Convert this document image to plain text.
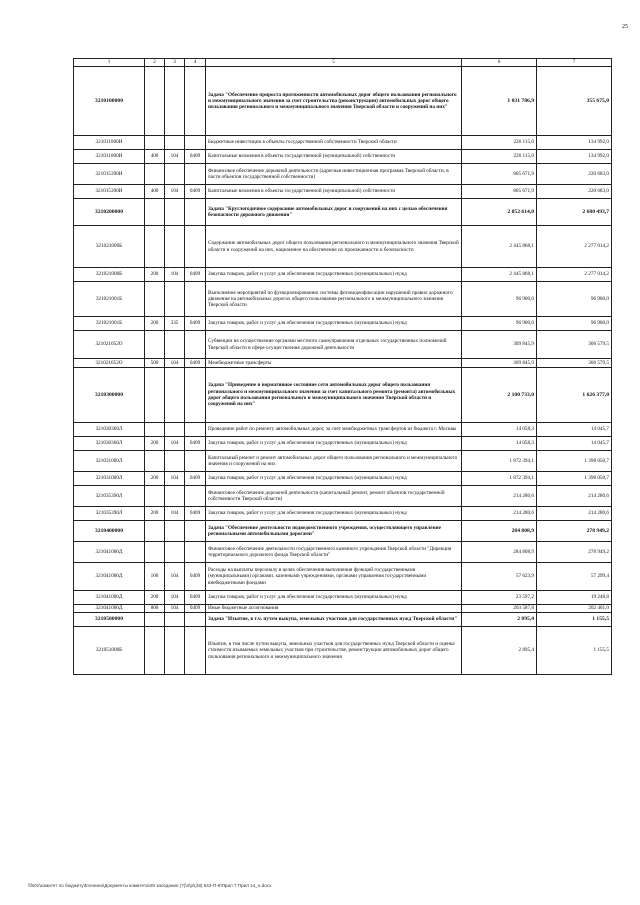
25
1	2	3	4	5	6	7
3210100000				Задача "Обеспечение прироста протяженности автомобильных дорог общего пользования регионального и межмуниципального значения за счет строительства (реконструкции) автомобильных дорог общего пользования регионального и межмуниципального значения Тверской области и сооружений на них"	1 031 786,9	355 675,0
321011000И				Бюджетные инвестиции в объекты государственной собственности Тверской области	226 115,0	134 992,0
321011000И	400	104	0409	Капитальные вложения в объекты государственной (муниципальной) собственности	226 115,0	134 992,0
321015390И				Финансовое обеспечение дорожной деятельности (адресная инвестиционная программа Тверской области, в части объектов государственной собственности)	805 671,9	220 683,0
321015390И	400	104	0409	Капитальные вложения в объекты государственной (муниципальной) собственности	805 671,9	220 683,0
3210200000				Задача "Круглогодичное содержание автомобильных дорог и сооружений на них с целью обеспечения безопасности дорожного движения"	2 852 614,0	2 680 493,7
321021000Б				Содержание автомобильных дорог общего пользования регионального и межмуниципального значения Тверской области и сооружений на них, нацеленное на обеспечение их проезжаемости и безопасности	2 445 868,1	2 277 014,2
321021000Б	200	104	0409	Закупка товаров, работ и услуг для обеспечения государственных (муниципальных) нужд	2 445 868,1	2 277 014,2
321021001Б				Выполнение мероприятий по функционированию системы фотовидеофиксации нарушений правил дорожного движения на автомобильных дорогах общего пользования регионального и межмуниципального значения Тверской области	96 900,0	96 900,0
321021001Б	200	335	0409	Закупка товаров, работ и услуг для обеспечения государственных (муниципальных) нужд	96 900,0	96 900,0
321021052О				Субвенции на осуществление органами местного самоуправления отдельных государственных полномочий Тверской области в сфере осуществления дорожной деятельности	309 845,9	306 579,5
321021052О	500	104	0409	Межбюджетные трансферты	309 845,9	306 579,5
3210300000				Задача "Приведение в нормативное состояние сети автомобильных дорог общего пользования регионального и межмуниципального значения за счет капитального ремонта (ремонта) автомобильных дорог общего пользования регионального и межмуниципального значения Тверской области и сооружений на них"	2 100 733,0	1 626 377,0
321030360Л				Проведение работ по ремонту автомобильных дорог, за счет межбюджетных трансфертов из бюджета г. Москвы	14 058,3	14 045,7
321030360Л	200	104	0409	Закупка товаров, работ и услуг для обеспечения государственных (муниципальных) нужд	14 058,3	14 045,7
321031000Л				Капитальный ремонт и ремонт автомобильных дорог общего пользования регионального и межмуниципального значения и сооружений на них	1 872 394,1	1 398 050,7
321031000Л	200	104	0409	Закупка товаров, работ и услуг для обеспечения государственных (муниципальных) нужд	1 872 394,1	1 398 050,7
321035390Л				Финансовое обеспечение дорожной деятельности (капитальный ремонт, ремонт объектов государственной собственности Тверской области)	214 280,6	214 280,6
321035390Л	200	104	0409	Закупка товаров, работ и услуг для обеспечения государственных (муниципальных) нужд	214 280,6	214 280,6
3210400000				Задача "Обеспечение деятельности подведомственного учреждения, осуществляющего управление региональными автомобильными дорогами"	284 808,9	278 949,2
321041000Д				Финансовое обеспечение деятельности государственного казенного учреждения Тверской области "Дирекция территориального дорожного фонда Тверской области"	284 808,9	278 949,2
321041000Д	100	104	0409	Расходы на выплаты персоналу в целях обеспечения выполнения функций государственными (муниципальными) органами, казенными учреждениями, органами управления государственными внебюджетными фондами	57 623,9	57 299,4
321041000Д	200	104	0409	Закупка товаров, работ и услуг для обеспечения государственных (муниципальных) нужд	23 597,2	19 248,8
321041000Д	800	104	0409	Иные бюджетные ассигнования	203 587,8	202 401,0
3210500000				Задача "Изъятие, в т.ч. путем выкупа, земельных участков для государственных нужд Тверской области"	2 895,4	1 155,5
321051000Б				Изъятие, в том числе путем выкупа, земельных участков для государственных нужд Тверской области и оценка стоимости изымаемых земельных участков при строительстве, реконструкции автомобильных дорог общего пользования регионального и межмуниципального значения	2 895,4	1 155,5
\\fs01\комитет по бюджету\Есенина\Документы комитета\28 заседание (7)\п\р\(28) 542-П-6\Прил 7 Прил 14_н.docx
